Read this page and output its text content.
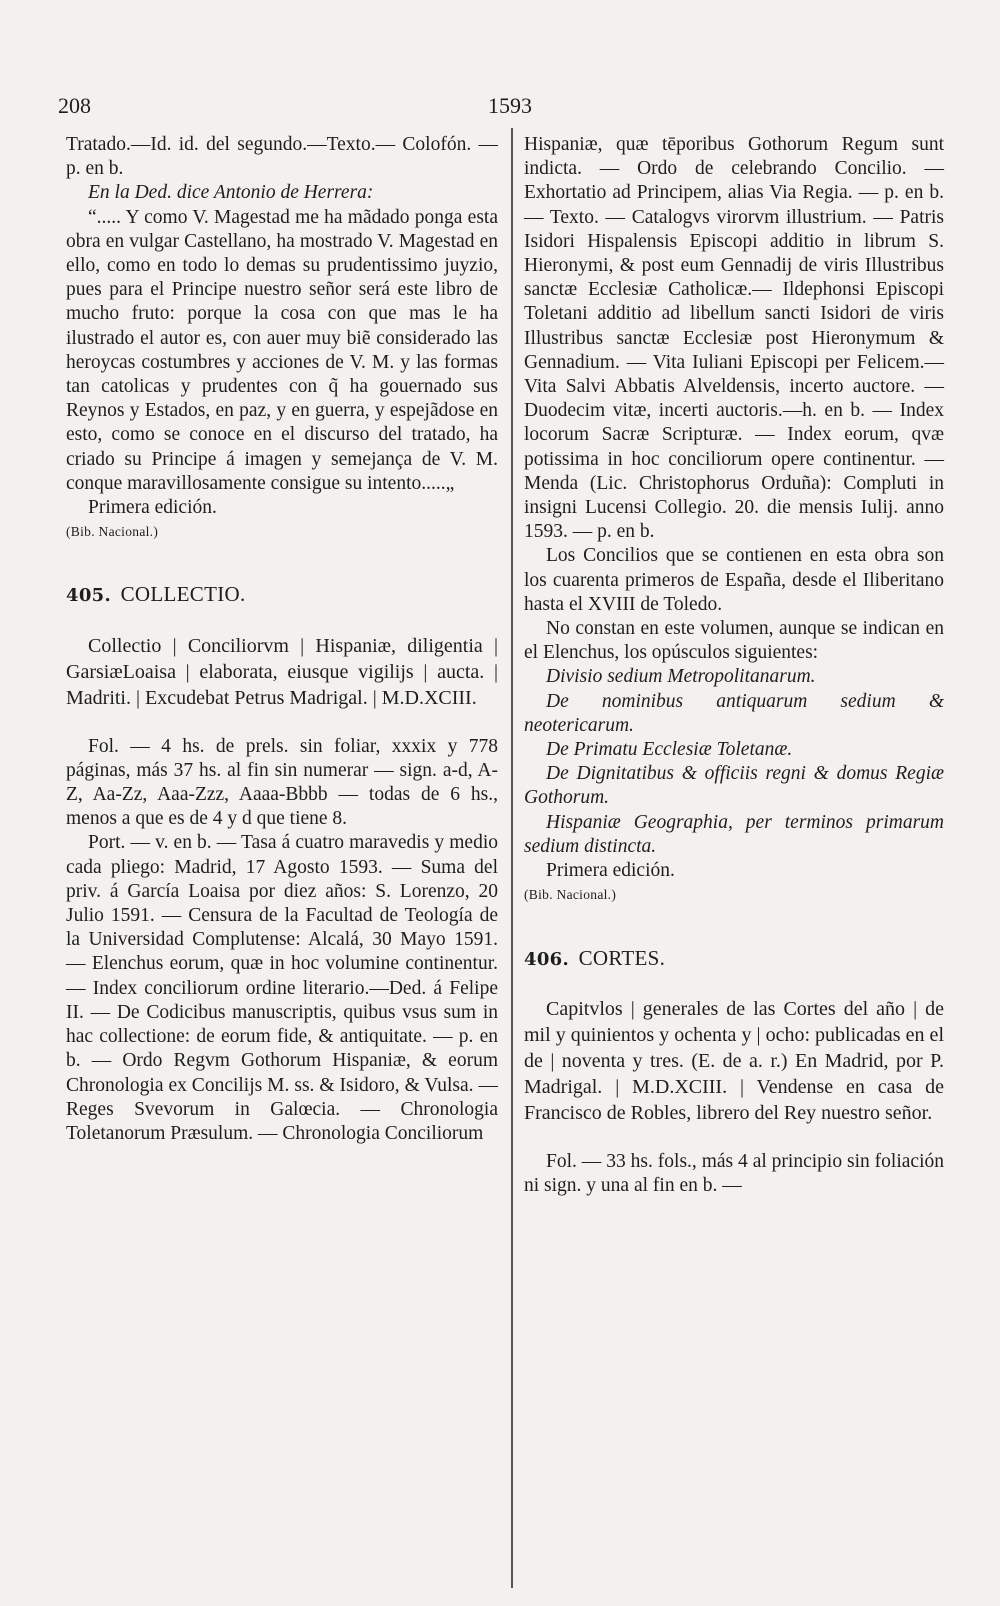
208	1593

Tratado.—Id. id. del segundo.—Texto.— Colofón. — p. en b.

En la Ded. dice Antonio de Herrera:

“..... Y como V. Magestad me ha mãdado ponga esta obra en vulgar Castellano, ha mostrado V. Magestad en ello, como en todo lo demas su prudentissimo juyzio, pues para el Principe nuestro señor será este libro de mucho fruto: porque la cosa con que mas le ha ilustrado el autor es, con auer muy biẽ considerado las heroycas costumbres y acciones de V. M. y las formas tan catolicas y prudentes con q̃ ha gouernado sus Reynos y Estados, en paz, y en guerra, y espejãdose en esto, como se conoce en el discurso del tratado, ha criado su Principe á imagen y semejança de V. M. conque maravillosamente consigue su intento.....„

Primera edición.

(Bib. Nacional.)

405. COLLECTIO.

Collectio | Conciliorvm | Hispaniæ, diligentia | GarsiæLoaisa | elaborata, eiusque vigilijs | aucta. | Madriti. | Excudebat Petrus Madrigal. | M.D.XCIII.

Fol. — 4 hs. de prels. sin foliar, xxxix y 778 páginas, más 37 hs. al fin sin numerar — sign. a-d, A-Z, Aa-Zz, Aaa-Zzz, Aaaa-Bbbb — todas de 6 hs., menos a que es de 4 y d que tiene 8.

Port. — v. en b. — Tasa á cuatro maravedis y medio cada pliego: Madrid, 17 Agosto 1593. — Suma del priv. á García Loaisa por diez años: S. Lorenzo, 20 Julio 1591. — Censura de la Facultad de Teología de la Universidad Complutense: Alcalá, 30 Mayo 1591. — Elenchus eorum, quæ in hoc volumine continentur. — Index conciliorum ordine literario.—Ded. á Felipe II. — De Codicibus manuscriptis, quibus vsus sum in hac collectione: de eorum fide, & antiquitate. — p. en b. — Ordo Regvm Gothorum Hispaniæ, & eorum Chronologia ex Concilijs M. ss. & Isidoro, & Vulsa. — Reges Svevorum in Galœcia. — Chronologia Toletanorum Præsulum. — Chronologia Conciliorum

Hispaniæ, quæ tēporibus Gothorum Regum sunt indicta. — Ordo de celebrando Concilio. — Exhortatio ad Principem, alias Via Regia. — p. en b. — Texto. — Catalogvs virorvm illustrium. — Patris Isidori Hispalensis Episcopi additio in librum S. Hieronymi, & post eum Gennadij de viris Illustribus sanctæ Ecclesiæ Catholicæ.— Ildephonsi Episcopi Toletani additio ad libellum sancti Isidori de viris Illustribus sanctæ Ecclesiæ post Hieronymum & Gennadium. — Vita Iuliani Episcopi per Felicem.—Vita Salvi Abbatis Alveldensis, incerto auctore. — Duodecim vitæ, incerti auctoris.—h. en b. — Index locorum Sacræ Scripturæ. — Index eorum, qvæ potissima in hoc conciliorum opere continentur. — Menda (Lic. Christophorus Orduña): Compluti in insigni Lucensi Collegio. 20. die mensis Iulij. anno 1593. — p. en b.

Los Concilios que se contienen en esta obra son los cuarenta primeros de España, desde el Iliberitano hasta el XVIII de Toledo.

No constan en este volumen, aunque se indican en el Elenchus, los opúsculos siguientes:

Divisio sedium Metropolitanarum.

De nominibus antiquarum sedium & neotericarum.

De Primatu Ecclesiæ Toletanæ.

De Dignitatibus & officiis regni & domus Regiæ Gothorum.

Hispaniæ Geographia, per terminos primarum sedium distincta.

Primera edición.

(Bib. Nacional.)

406. CORTES.

Capitvlos | generales de las Cortes del año | de mil y quinientos y ochenta y | ocho: publicadas en el de | noventa y tres. (E. de a. r.) En Madrid, por P. Madrigal. | M.D.XCIII. | Vendense en casa de Francisco de Robles, librero del Rey nuestro señor.

Fol. — 33 hs. fols., más 4 al principio sin foliación ni sign. y una al fin en b. —
